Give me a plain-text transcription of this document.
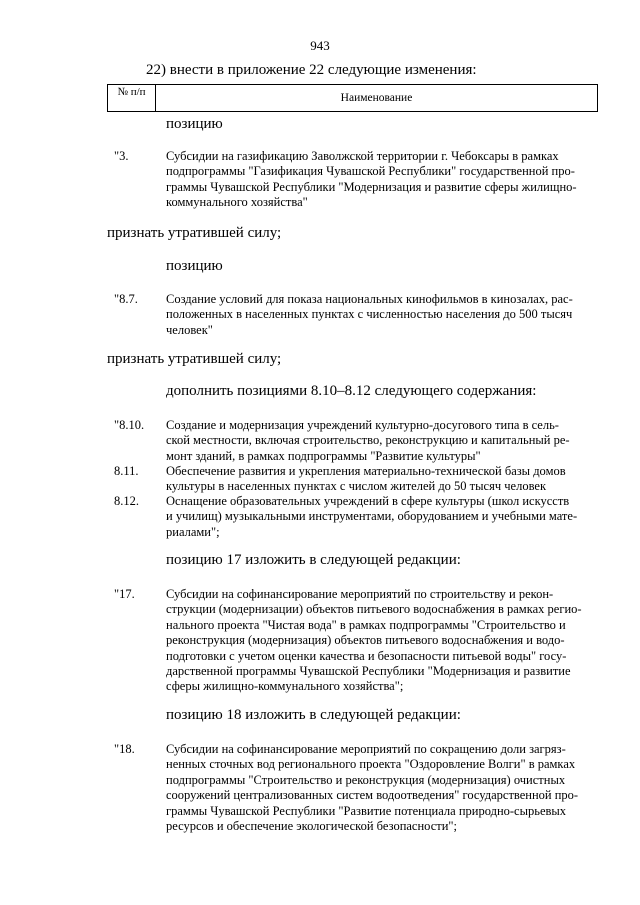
943
22) внести в приложение 22 следующие изменения:
№ п/п	Наименование
позицию
"3.	Субсидии на газификацию Заволжской территории г. Чебоксары в рамках
подпрограммы "Газификация Чувашской Республики" государственной про-
граммы Чувашской Республики "Модернизация и развитие сферы жилищно-
коммунального хозяйства"
признать утратившей силу;
позицию
"8.7.	Создание условий для показа национальных кинофильмов в кинозалах, рас-
положенных в населенных пунктах с численностью населения до 500 тысяч
человек"
признать утратившей силу;
дополнить позициями 8.10–8.12 следующего содержания:
"8.10.	Создание и модернизация учреждений культурно-досугового типа в сель-
ской местности, включая строительство, реконструкцию и капитальный ре-
монт зданий, в рамках подпрограммы "Развитие культуры"
8.11.	Обеспечение развития и укрепления материально-технической базы домов
культуры в населенных пунктах с числом жителей до 50 тысяч человек
8.12.	Оснащение образовательных учреждений в сфере культуры (школ искусств
и училищ) музыкальными инструментами, оборудованием и учебными мате-
риалами";
позицию 17 изложить в следующей редакции:
"17.	Субсидии на софинансирование мероприятий по строительству и рекон-
струкции (модернизации) объектов питьевого водоснабжения в рамках регио-
нального проекта "Чистая вода" в рамках подпрограммы "Строительство и
реконструкция (модернизация) объектов питьевого водоснабжения и водо-
подготовки с учетом оценки качества и безопасности питьевой воды" госу-
дарственной программы Чувашской Республики "Модернизация и развитие
сферы жилищно-коммунального хозяйства";
позицию 18 изложить в следующей редакции:
"18.	Субсидии на софинансирование мероприятий по сокращению доли загряз-
ненных сточных вод регионального проекта "Оздоровление Волги" в рамках
подпрограммы "Строительство и реконструкция (модернизация) очистных
сооружений централизованных систем водоотведения" государственной про-
граммы Чувашской Республики "Развитие потенциала природно-сырьевых
ресурсов и обеспечение экологической безопасности";
